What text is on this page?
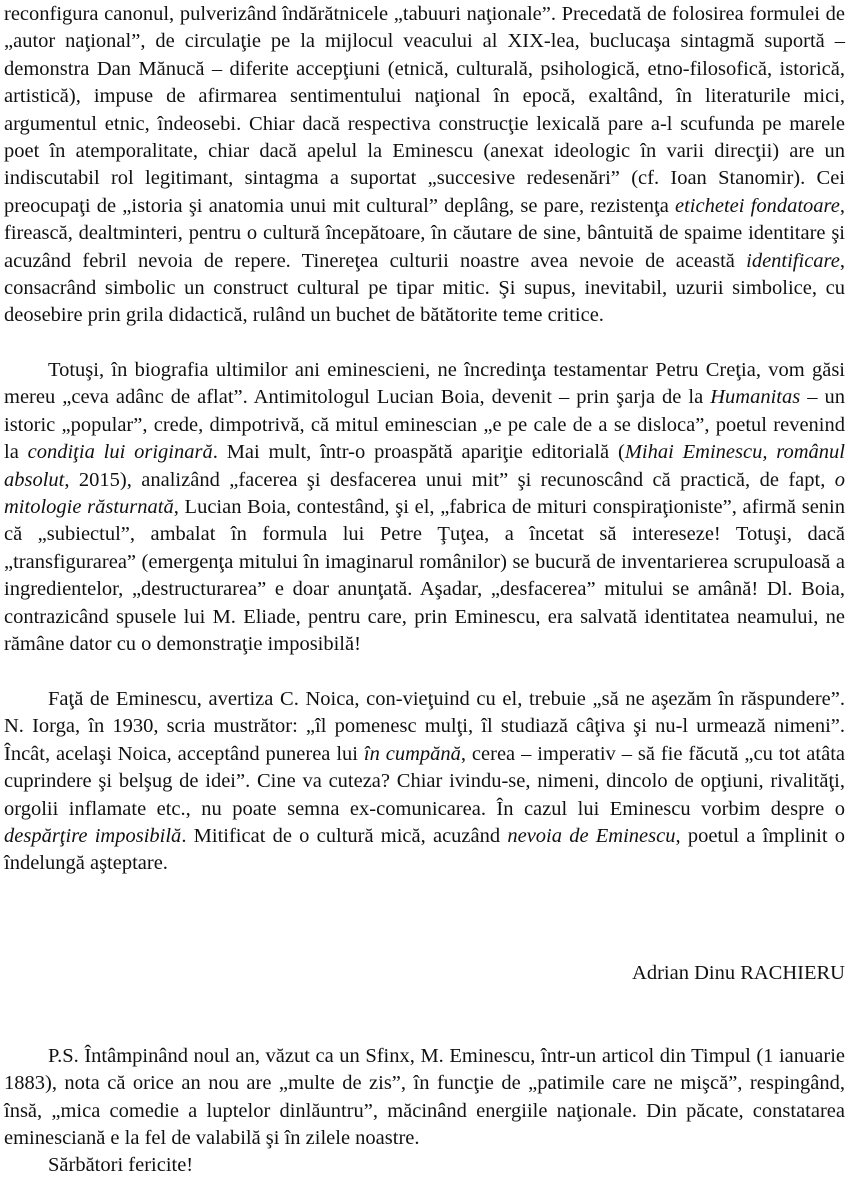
reconfigura canonul, pulverizând îndărătnicele „tabuuri naţionale”. Precedată de folosirea formulei de „autor naţional”, de circulaţie pe la mijlocul veacului al XIX-lea, buclucaşa sintagmă suportă – demonstra Dan Mănucă – diferite accepţiuni (etnică, culturală, psihologică, etno-filosofică, istorică, artistică), impuse de afirmarea sentimentului naţional în epocă, exaltând, în literaturile mici, argumentul etnic, îndeosebi. Chiar dacă respectiva construcţie lexicală pare a-l scufunda pe marele poet în atemporalitate, chiar dacă apelul la Eminescu (anexat ideologic în varii direcţii) are un indiscutabil rol legitimant, sintagma a suportat „succesive redesenări” (cf. Ioan Stanomir). Cei preocupaţi de „istoria şi anatomia unui mit cultural” deplâng, se pare, rezistenţa etichetei fondatoare, firească, dealtminteri, pentru o cultură începătoare, în căutare de sine, bântuită de spaime identitare şi acuzând febril nevoia de repere. Tinereţea culturii noastre avea nevoie de această identificare, consacrând simbolic un construct cultural pe tipar mitic. Şi supus, inevitabil, uzurii simbolice, cu deosebire prin grila didactică, rulând un buchet de bătătorite teme critice.

Totuşi, în biografia ultimilor ani eminescieni, ne încredinţa testamentar Petru Creţia, vom găsi mereu „ceva adânc de aflat”. Antimitologul Lucian Boia, devenit – prin şarja de la Humanitas – un istoric „popular”, crede, dimpotrivă, că mitul eminescian „e pe cale de a se disloca”, poetul revenind la condiţia lui originară. Mai mult, într-o proaspătă apariţie editorială (Mihai Eminescu, românul absolut, 2015), analizând „facerea şi desfacerea unui mit” şi recunoscând că practică, de fapt, o mitologie răsturnată, Lucian Boia, contestând, şi el, „fabrica de mituri conspiraţioniste”, afirmă senin că „subiectul”, ambalat în formula lui Petre Ţuţea, a încetat să intereseze! Totuşi, dacă „transfigurarea” (emergenţa mitului în imaginarul românilor) se bucură de inventarierea scrupuloasă a ingredientelor, „destructurarea” e doar anunţată. Aşadar, „desfacerea” mitului se amână! Dl. Boia, contrazicând spusele lui M. Eliade, pentru care, prin Eminescu, era salvată identitatea neamului, ne rămâne dator cu o demonstraţie imposibilă!

Faţă de Eminescu, avertiza C. Noica, con-vieţuind cu el, trebuie „să ne aşezăm în răspundere”. N. Iorga, în 1930, scria mustrător: „îl pomenesc mulţi, îl studiază câţiva şi nu-l urmează nimeni”. Încât, acelaşi Noica, acceptând punerea lui în cumpănă, cerea – imperativ – să fie făcută „cu tot atâta cuprindere şi belşug de idei”. Cine va cuteza? Chiar ivindu-se, nimeni, dincolo de opţiuni, rivalităţi, orgolii inflamate etc., nu poate semna ex-comunicarea. În cazul lui Eminescu vorbim despre o despărţire imposibilă. Mitificat de o cultură mică, acuzând nevoia de Eminescu, poetul a împlinit o îndelungă aşteptare.

Adrian Dinu RACHIERU

P.S. Întâmpinând noul an, văzut ca un Sfinx, M. Eminescu, într-un articol din Timpul (1 ianuarie 1883), nota că orice an nou are „multe de zis”, în funcţie de „patimile care ne mişcă”, respingând, însă, „mica comedie a luptelor dinlăuntru”, măcinând energiile naţionale. Din păcate, constatarea eminesciană e la fel de valabilă şi în zilele noastre.

Sărbători fericite!
